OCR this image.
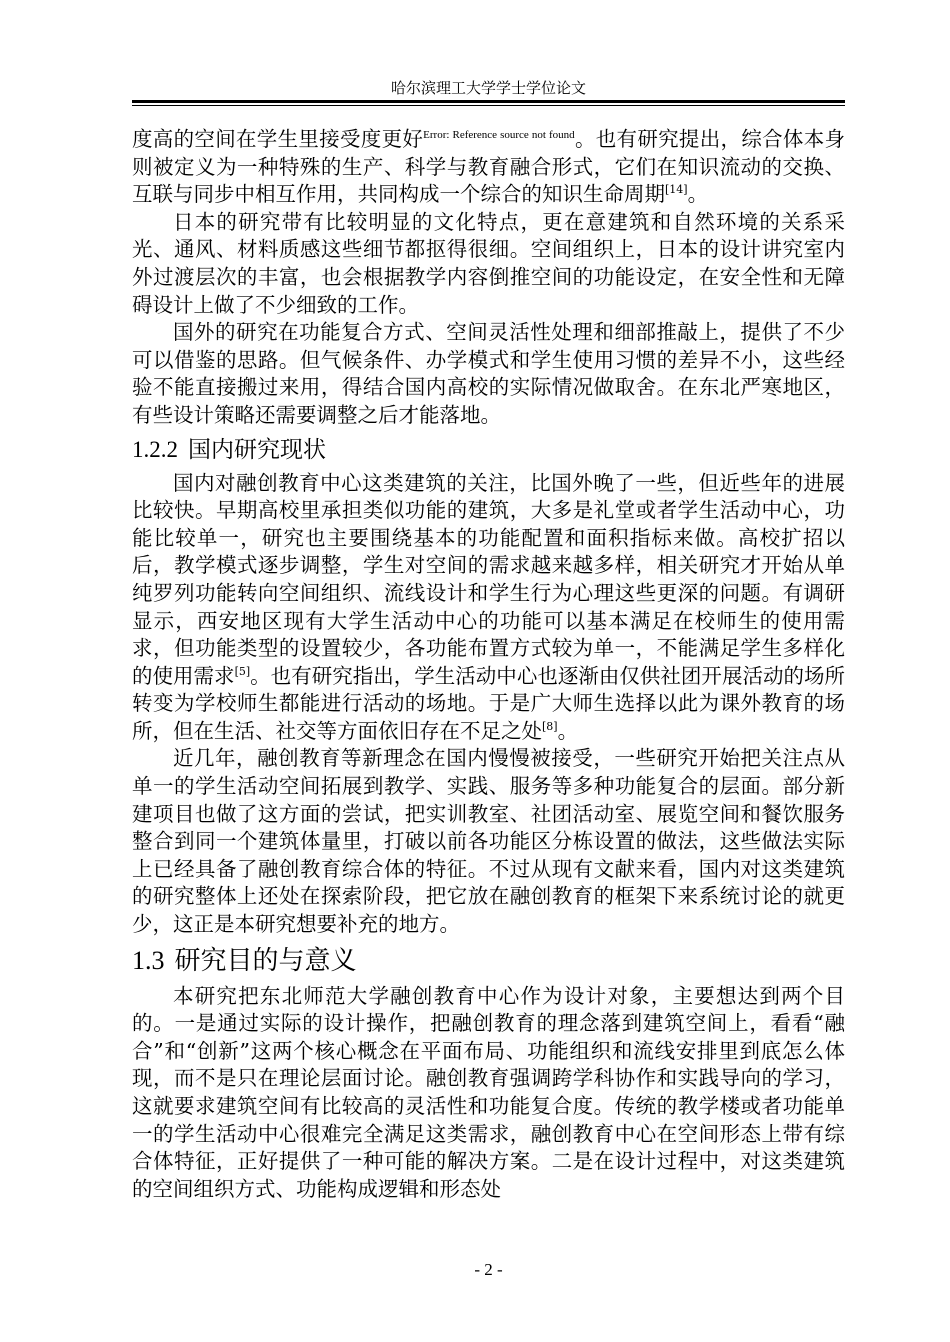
哈尔滨理工大学学士学位论文

度高的空间在学生里接受度更好$^{Error: Reference source not found}$。也有研究提出，综合体本身则被定义为一种特殊的生产、科学与教育融合形式，它们在知识流动的交换、互联与同步中相互作用，共同构成一个综合的知识生命周期[14]。

日本的研究带有比较明显的文化特点，更在意建筑和自然环境的关系采光、通风、材料质感这些细节都抠得很细。空间组织上，日本的设计讲究室内外过渡层次的丰富，也会根据教学内容倒推空间的功能设定，在安全性和无障碍设计上做了不少细致的工作。

国外的研究在功能复合方式、空间灵活性处理和细部推敲上，提供了不少可以借鉴的思路。但气候条件、办学模式和学生使用习惯的差异不小，这些经验不能直接搬过来用，得结合国内高校的实际情况做取舍。在东北严寒地区，有些设计策略还需要调整之后才能落地。

1.2.2 国内研究现状

国内对融创教育中心这类建筑的关注，比国外晚了一些，但近些年的进展比较快。早期高校里承担类似功能的建筑，大多是礼堂或者学生活动中心，功能比较单一，研究也主要围绕基本的功能配置和面积指标来做。高校扩招以后，教学模式逐步调整，学生对空间的需求越来越多样，相关研究才开始从单纯罗列功能转向空间组织、流线设计和学生行为心理这些更深的问题。有调研显示，西安地区现有大学生活动中心的功能可以基本满足在校师生的使用需求，但功能类型的设置较少，各功能布置方式较为单一，不能满足学生多样化的使用需求[5]。也有研究指出，学生活动中心也逐渐由仅供社团开展活动的场所转变为学校师生都能进行活动的场地。于是广大师生选择以此为课外教育的场所，但在生活、社交等方面依旧存在不足之处[8]。

近几年，融创教育等新理念在国内慢慢被接受，一些研究开始把关注点从单一的学生活动空间拓展到教学、实践、服务等多种功能复合的层面。部分新建项目也做了这方面的尝试，把实训教室、社团活动室、展览空间和餐饮服务整合到同一个建筑体量里，打破以前各功能区分栋设置的做法，这些做法实际上已经具备了融创教育综合体的特征。不过从现有文献来看，国内对这类建筑的研究整体上还处在探索阶段，把它放在融创教育的框架下来系统讨论的就更少，这正是本研究想要补充的地方。

1.3 研究目的与意义

本研究把东北师范大学融创教育中心作为设计对象，主要想达到两个目的。一是通过实际的设计操作，把融创教育的理念落到建筑空间上，看看“融合”和“创新”这两个核心概念在平面布局、功能组织和流线安排里到底怎么体现，而不是只在理论层面讨论。融创教育强调跨学科协作和实践导向的学习，这就要求建筑空间有比较高的灵活性和功能复合度。传统的教学楼或者功能单一的学生活动中心很难完全满足这类需求，融创教育中心在空间形态上带有综合体特征，正好提供了一种可能的解决方案。二是在设计过程中，对这类建筑的空间组织方式、功能构成逻辑和形态处

- 2 -
